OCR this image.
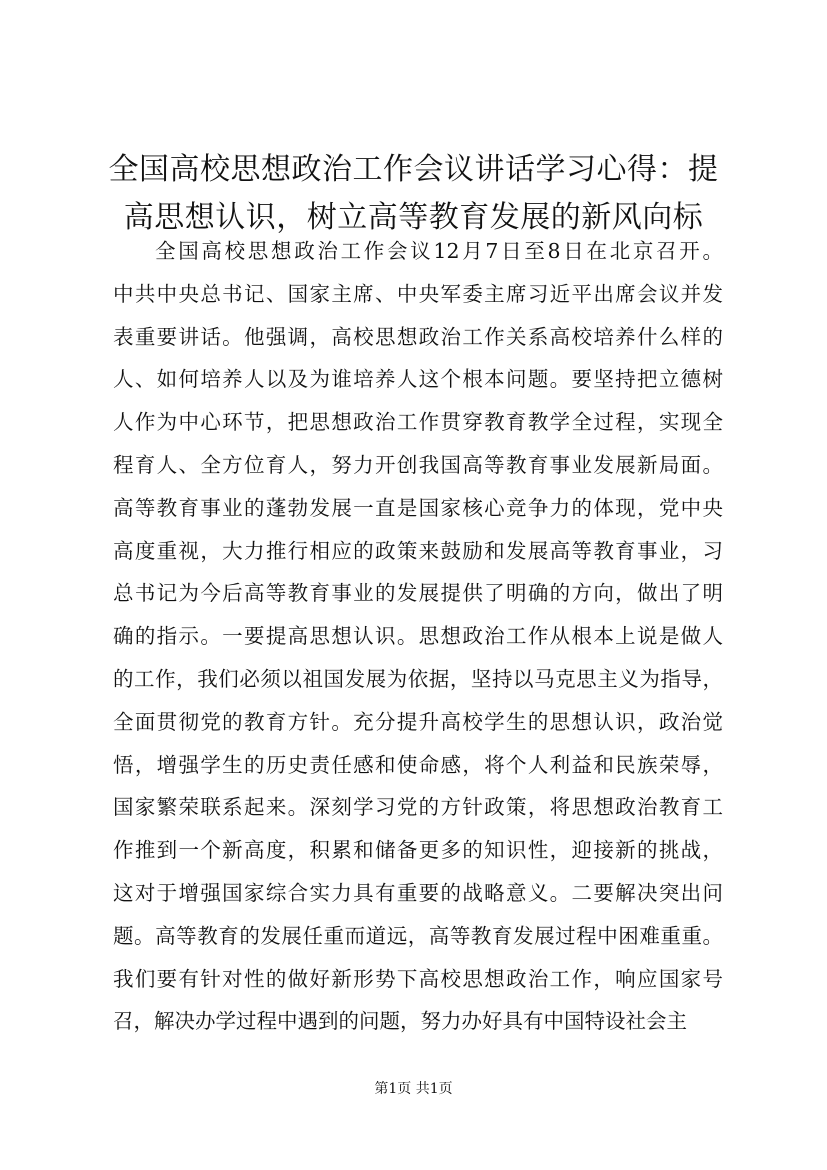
全国高校思想政治工作会议讲话学习心得：提
高思想认识，树立高等教育发展的新风向标
全国高校思想政治工作会议12月7日至8日在北京召开。
中共中央总书记、国家主席、中央军委主席习近平出席会议并发
表重要讲话。他强调，高校思想政治工作关系高校培养什么样的
人、如何培养人以及为谁培养人这个根本问题。要坚持把立德树
人作为中心环节，把思想政治工作贯穿教育教学全过程，实现全
程育人、全方位育人，努力开创我国高等教育事业发展新局面。
高等教育事业的蓬勃发展一直是国家核心竞争力的体现，党中央
高度重视，大力推行相应的政策来鼓励和发展高等教育事业，习
总书记为今后高等教育事业的发展提供了明确的方向，做出了明
确的指示。一要提高思想认识。思想政治工作从根本上说是做人
的工作，我们必须以祖国发展为依据，坚持以马克思主义为指导，
全面贯彻党的教育方针。充分提升高校学生的思想认识，政治觉
悟，增强学生的历史责任感和使命感，将个人利益和民族荣辱，
国家繁荣联系起来。深刻学习党的方针政策，将思想政治教育工
作推到一个新高度，积累和储备更多的知识性，迎接新的挑战，
这对于增强国家综合实力具有重要的战略意义。二要解决突出问
题。高等教育的发展任重而道远，高等教育发展过程中困难重重。
我们要有针对性的做好新形势下高校思想政治工作，响应国家号
召，解决办学过程中遇到的问题，努力办好具有中国特设社会主
第1页 共1页
